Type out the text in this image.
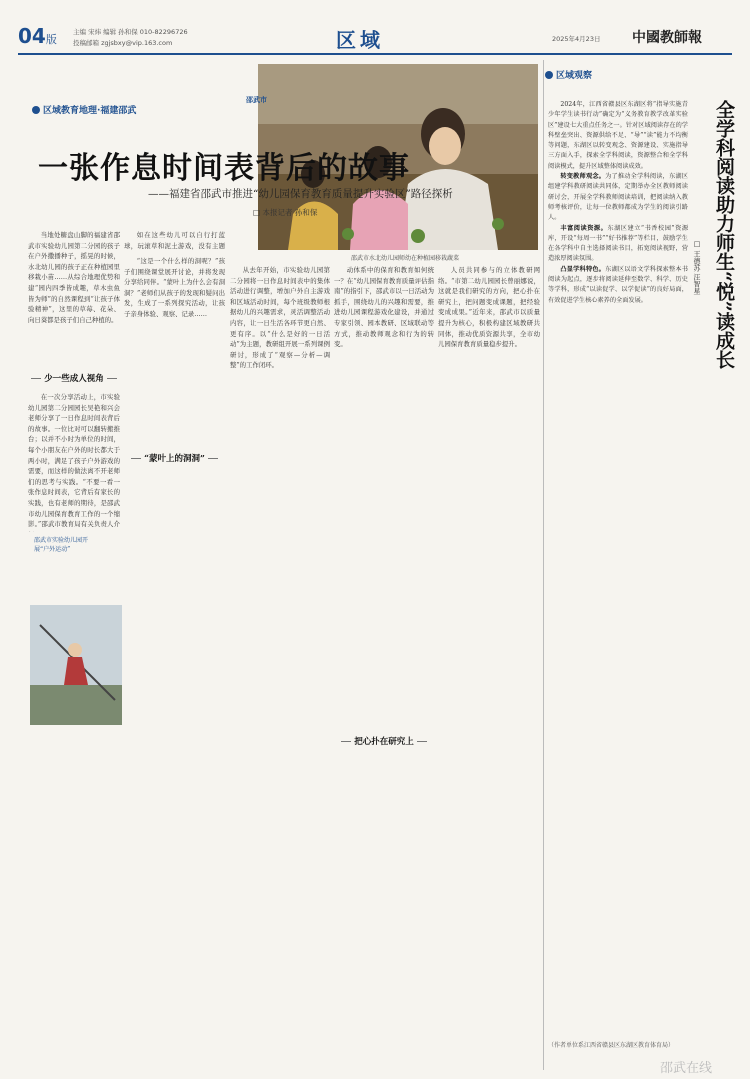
04版
主编 宋炜 编辑 孙和保 010-82296726
投稿邮箱 zgjsbxy@vip.163.com	区域	2025年4月23日 中國教師報
区域教育地理·福建邵武
邵武市
邵武市水北幼儿园师幼在种植园移栽蔬菜
一张作息时间表背后的故事
——福建省邵武市推进“幼儿园保育教育质量提升实验区”路径探析
□ 本报记者 孙和保

当地处糖盘山脚的福建省邵武市实验幼儿园第二分园的孩子在户外撒播种子，摇晃的时候，水北幼儿园的孩子正在种植园里移栽小苗……从综合地理优势和建“园内四季皆成趣，草木虫鱼皆为师”的自然课程到“让孩子体验精神”，这里的草莓、花朵、向日葵都是孩子们自己种植的。

如在这些幼儿可以自行打蓝球，玩滚草和泥土游戏，没有主题

少一些成人视角

在一次分享活动上，市实验幼儿园第二分园园长吴艳和兴会老师分享了一日作息时间表背后的故事。一位比对可以翻转搬推台；以并不小时为单位的时间，每个小朋友在户外的时长都大于两小时，满足了孩子户外游戏的需要，而这样的做法离不开老师们的思考与实践。“不要一看一张作息时间表，它背后有家长的实践，也有老师的期待，是邵武市幼儿园保育教育工作的一个缩影。”邵武市教育局有关负责人介

邵武市实验幼儿园开展“户外运动”

“这是一个什么样的洞呢？”孩子们围绕课堂展开讨论，并将发现分享给同伴。“蒙叶上为什么会有洞洞？”老师们从孩子的发现和疑问出发，生成了一系列探究活动，让孩子亲身体验、观察、记录……

“蒙叶上的洞洞”

从去年开始，市实验幼儿园第二分园将一日作息时间表中的集体活动进行调整，增加户外自主游戏和区域活动时间，每个班级教师根据幼儿的兴趣需求，灵活调整活动内容，让一日生活各环节更自然、更有序。以“什么是好的一日活动”为主题，教研组开展一系列课例研讨，形成了“观察—分析—调整”的工作闭环。

动体系中的保育和教育如何统一？在“幼儿园保育教育质量评估指南”的指引下，邵武市以一日活动为抓手，围绕幼儿的兴趣和需要，推进幼儿园课程游戏化建设，并通过专家引领、园本教研、区域联动等方式，推动教师观念和行为的转变。

把心扑在研究上

人员共同参与的立体教研网络。“市第二幼儿园园长曾丽娜说，这就是我们研究的方向，把心扑在研究上，把问题变成课题，把经验变成成果。”近年来，邵武市以质量提升为核心，积极构建区域教研共同体，推动优质资源共享，全市幼儿园保育教育质量稳步提升。

区域观察
全学科阅读助力师生“悦”读成长
□ 王德苏 汪智星

2024年，江西省赣县区东湖区将“指导实施青少年学生读书行动”确定为“义务教育教学改革实验区”建设七大重点任务之一。针对区域阅读存在的学科壁垒突出、资源供给不足、“导”“读”能力不均衡等问题，东湖区以转变观念、资源建设、实施指导三方面入手，探索全学科阅读，资源整合和全学科阅读模式，提升区域整体阅读成效。

转变教师观念。为了推动全学科阅读，东湖区组建学科教研阅读共同体，定期举办全区教师阅读研讨会，开展全学科教师阅读培训，把阅读纳入教师考核评价，让每一位教师都成为学生的阅读引路人。

丰富阅读资源。东湖区建立“书香校园”资源库，开设“每周一书”“好书推荐”等栏目，鼓励学生在各学科中自主选择阅读书目，拓宽阅读视野，营造浓厚阅读氛围。

凸显学科特色。东湖区以语文学科探索整本书阅读为起点，逐步将阅读延伸至数学、科学、历史等学科，形成“以读促学、以学促读”的良好局面，有效促进学生核心素养的全面发展。

（作者单位系江西省赣县区东湖区教育体育局）
邵武在线
